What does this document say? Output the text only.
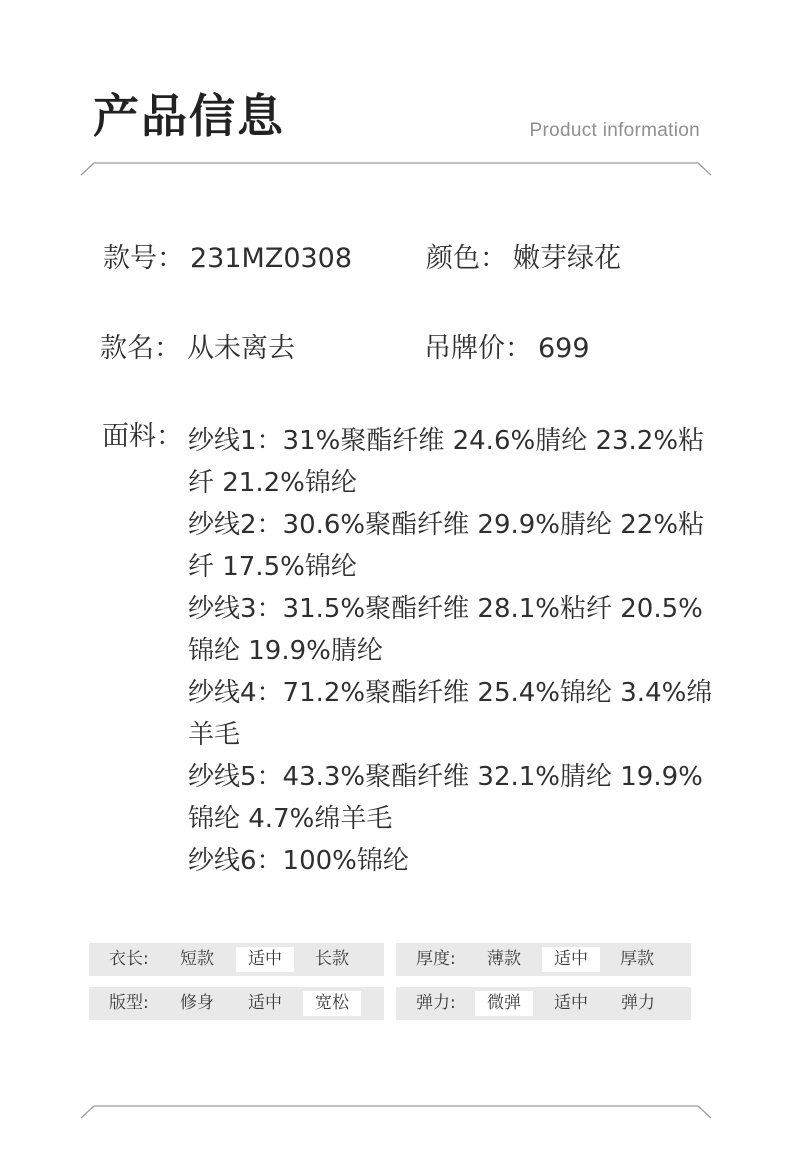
产品信息	Product information
款号： 231MZ0308	颜色： 嫩芽绿花
款名： 从未离去	吊牌价： 699
面料： 纱线1：31%聚酯纤维 24.6%腈纶 23.2%粘纤 21.2%锦纶
纱线2：30.6%聚酯纤维 29.9%腈纶 22%粘纤 17.5%锦纶
纱线3：31.5%聚酯纤维 28.1%粘纤 20.5%锦纶 19.9%腈纶
纱线4：71.2%聚酯纤维 25.4%锦纶 3.4%绵羊毛
纱线5：43.3%聚酯纤维 32.1%腈纶 19.9%锦纶 4.7%绵羊毛
纱线6：100%锦纶
衣长:	短款	适中	长款	厚度:	薄款	适中	厚款
版型:	修身	适中	宽松	弹力:	微弹	适中	弹力
